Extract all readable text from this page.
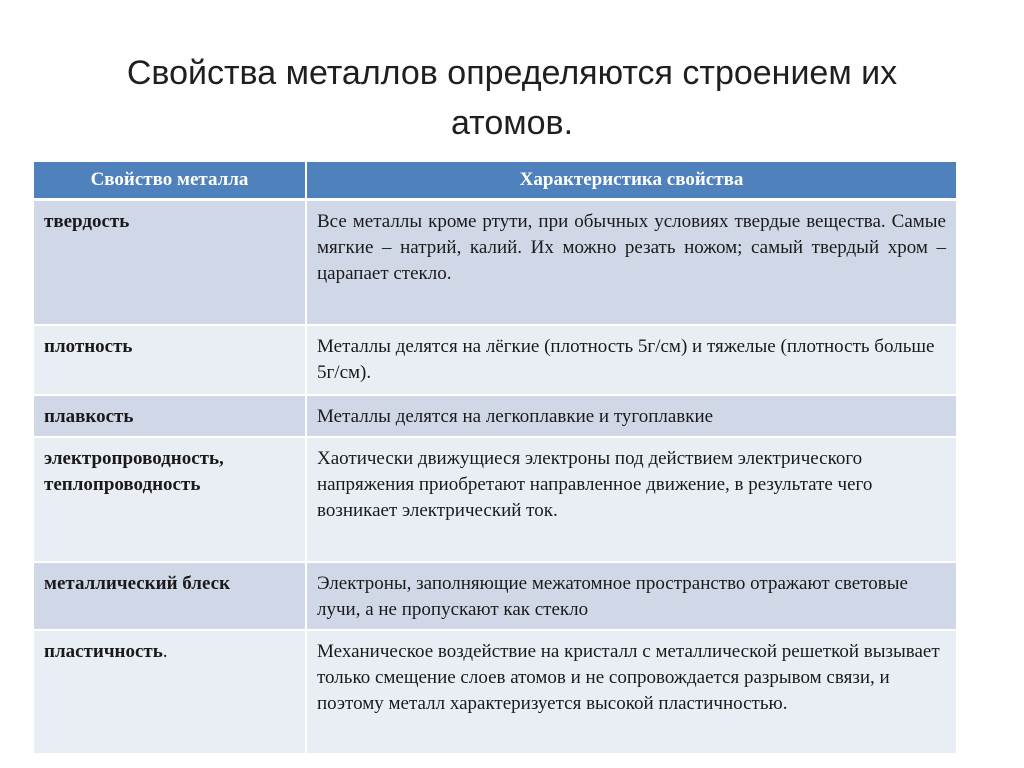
Свойства металлов определяются строением их
атомов.
Свойство металла	Характеристика свойства
твердость	Все металлы кроме ртути, при обычных условиях твердые вещества. Самые мягкие – натрий, калий. Их можно резать ножом; самый твердый хром – царапает стекло.
плотность	Металлы делятся на лёгкие (плотность 5г/см) и тяжелые (плотность больше 5г/см).
плавкость	Металлы делятся на легкоплавкие и тугоплавкие
электропроводность,
теплопроводность	Хаотически движущиеся электроны под действием электрического напряжения приобретают направленное движение, в результате чего возникает электрический ток.
металлический блеск	Электроны, заполняющие межатомное пространство отражают световые лучи, а не пропускают как стекло
пластичность.	Механическое воздействие на кристалл с металлической решеткой вызывает только смещение слоев атомов и не сопровождается разрывом связи, и поэтому металл характеризуется высокой пластичностью.
